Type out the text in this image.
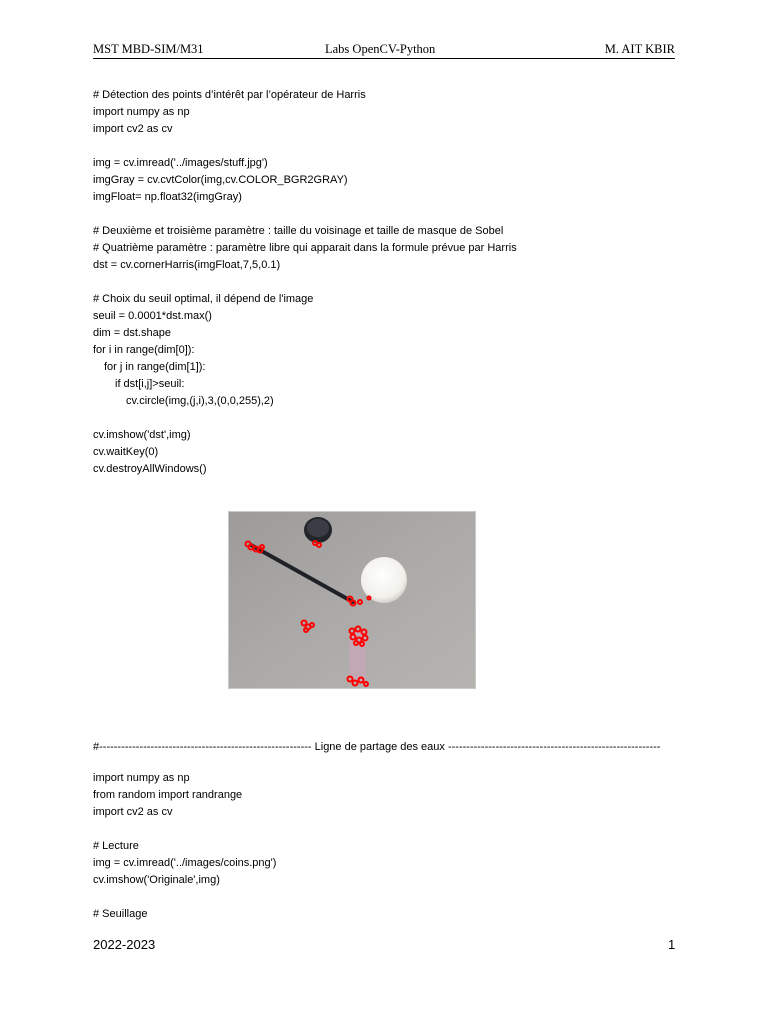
MST MBD-SIM/M31	Labs OpenCV-Python	M. AIT KBIR
# Détection des points d’intérêt par l’opérateur de Harris
import numpy as np
import cv2 as cv
img = cv.imread('../images/stuff.jpg')
imgGray = cv.cvtColor(img,cv.COLOR_BGR2GRAY)
imgFloat= np.float32(imgGray)
# Deuxième et troisième paramètre : taille du voisinage et taille de masque de Sobel
# Quatrième paramètre : paramètre libre qui apparait dans la formule prévue par Harris
dst = cv.cornerHarris(imgFloat,7,5,0.1)
# Choix du seuil optimal, il dépend de l'image
seuil = 0.0001*dst.max()
dim = dst.shape
for i in range(dim[0]):
for j in range(dim[1]):
if dst[i,j]>seuil:
cv.circle(img,(j,i),3,(0,0,255),2)
cv.imshow('dst',img)
cv.waitKey(0)
cv.destroyAllWindows()
#---------------------------------------------------------- Ligne de partage des eaux ----------------------------------------------------------
import numpy as np
from random import randrange
import cv2 as cv
# Lecture
img = cv.imread('../images/coins.png')
cv.imshow('Originale',img)
# Seuillage
2022-2023	1
